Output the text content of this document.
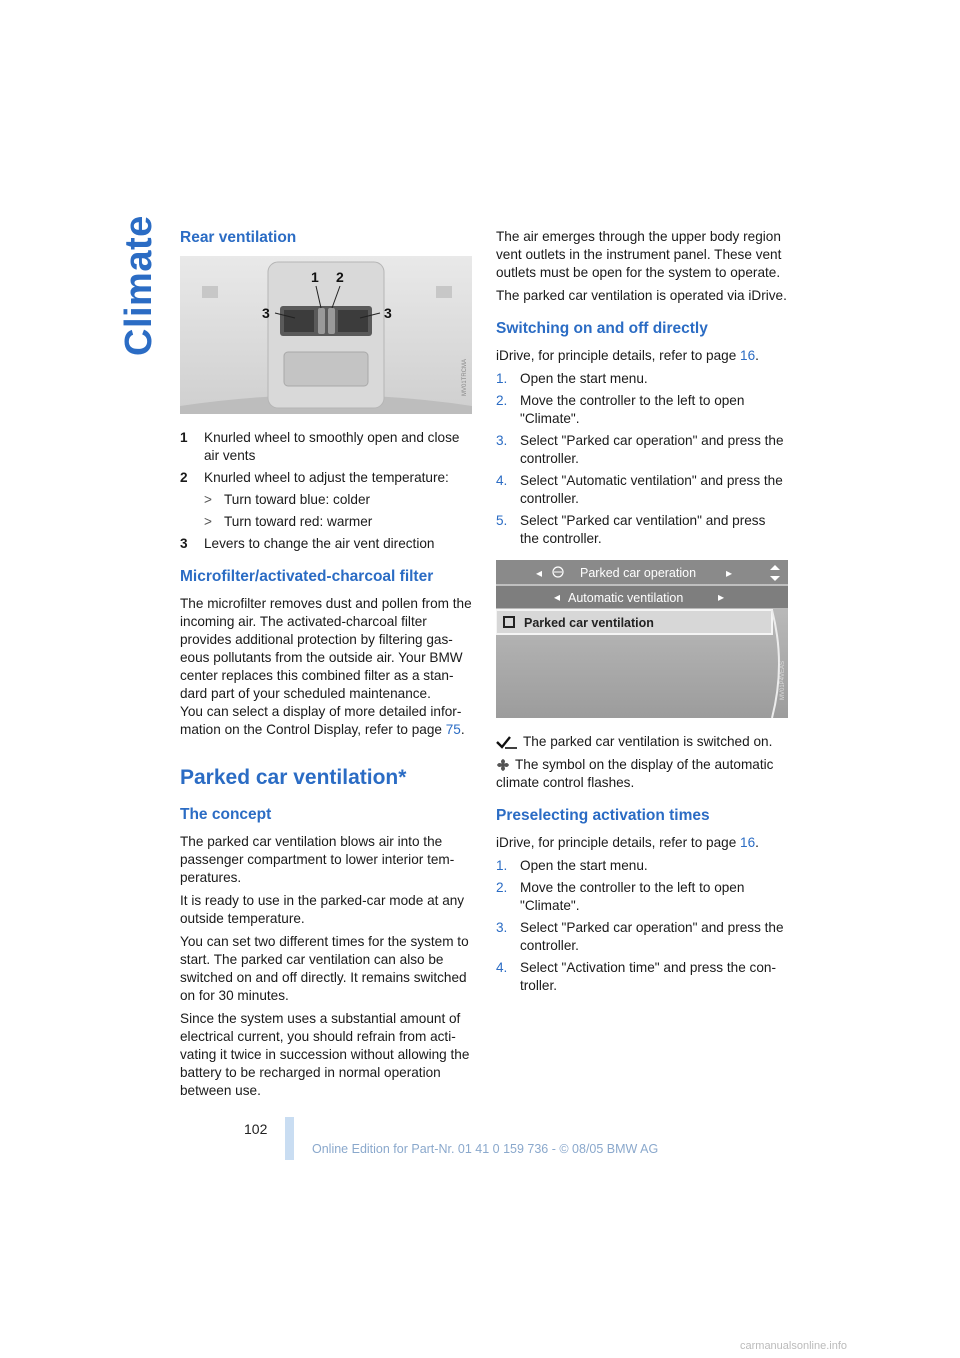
Climate Rear ventilation
1 2
3	3
MV01TRCMA
1 Knurled wheel to smoothly open and close air vents
2 Knurled wheel to adjust the temperature:
> Turn toward blue: colder
> Turn toward red: warmer
3 Levers to change the air vent direction
Microfilter/activated-charcoal filter

The microfilter removes dust and pollen from the incoming air. The activated-charcoal filter provides additional protection by filtering gas-eous pollutants from the outside air. Your BMW center replaces this combined filter as a stan-dard part of your scheduled maintenance.

You can select a display of more detailed infor-mation on the Control Display, refer to page 75.

Parked car ventilation*
The concept

The parked car ventilation blows air into the passenger compartment to lower interior tem-peratures.

It is ready to use in the parked-car mode at any outside temperature.

You can set two different times for the system to start. The parked car ventilation can also be switched on and off directly. It remains switched on for 30 minutes.

Since the system uses a substantial amount of electrical current, you should refrain from acti-vating it twice in succession without allowing the battery to be recharged in normal operation between use.

The air emerges through the upper body region vent outlets in the instrument panel. These vent outlets must be open for the system to operate.

The parked car ventilation is operated via iDrive.

Switching on and off directly

iDrive, for principle details, refer to page 16.

1. Open the start menu.
2. Move the controller to the left to open "Climate".
3. Select "Parked car operation" and press the controller.
4. Select "Automatic ventilation" and press the controller.
5. Select "Parked car ventilation" and press the controller.
◂	Parked car operation ▸
◂ Automatic ventilation	▸
Parked car ventilation
MV01P4VEAS

The parked car ventilation is switched on.

The symbol on the display of the automatic climate control flashes.

Preselecting activation times

iDrive, for principle details, refer to page 16.

1. Open the start menu.
2. Move the controller to the left to open "Climate".
3. Select "Parked car operation" and press the controller.
4. Select "Activation time" and press the con-troller.
102
Online Edition for Part-Nr. 01 41 0 159 736 - © 08/05 BMW AG
carmanualsonline.info
